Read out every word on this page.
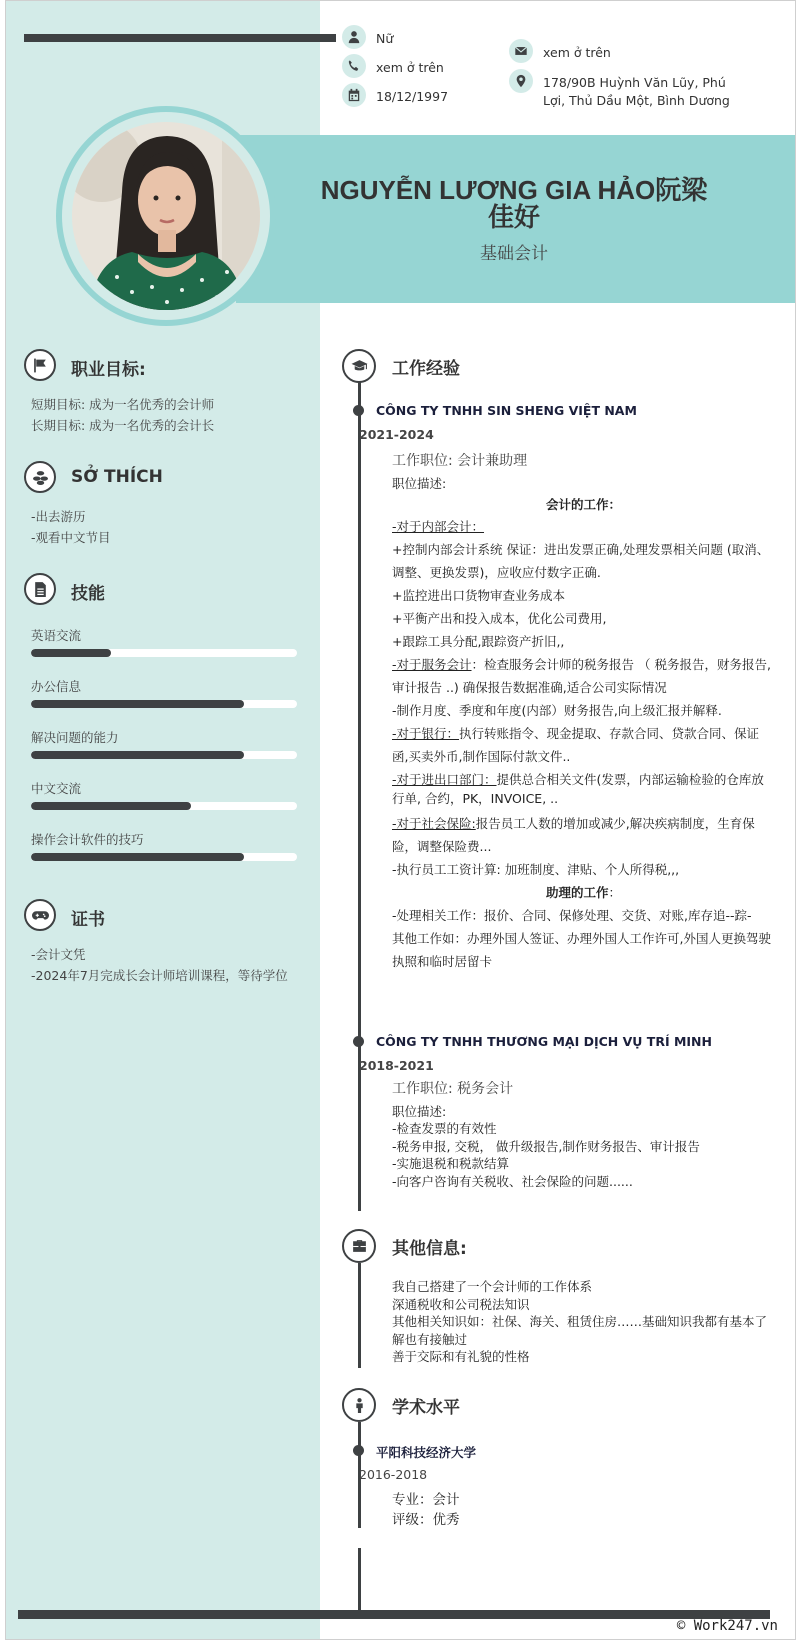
Nữ
xem ở trên
18/12/1997
xem ở trên
178/90B Huỳnh Văn Lũy, Phú
Lợi, Thủ Dầu Một, Bình Dương
NGUYỄN LƯƠNG GIA HẢO阮梁
佳好
基础会计
职业目标:
短期目标: 成为一名优秀的会计师
长期目标: 成为一名优秀的会计长
SỞ THÍCH
-出去游历
-观看中文节目
技能
英语交流
办公信息
解决问题的能力
中文交流
操作会计软件的技巧
证书
-会计文凭
-2024年7月完成长会计师培训课程，等待学位
工作经验
CÔNG TY TNHH SIN SHENG VIỆT NAM
2021-2024
工作职位: 会计兼助理
职位描述:
会计的工作：
-对于内部会计：
+控制内部会计系统 保证：进出发票正确,处理发票相关问题 (取消、调整、更换发票)，应收应付数字正确.
+监控进出口货物审查业务成本
+平衡产出和投入成本，优化公司费用,
+跟踪工具分配,跟踪资产折旧,,
-对于服务会计：检查服务会计师的税务报告 （ 税务报告，财务报告,审计报告 ..) 确保报告数据准确,适合公司实际情况
-制作月度、季度和年度(内部）财务报告,向上级汇报并解释.
-对于银行：执行转账指令、现金提取、存款合同、贷款合同、保证函,买卖外币,制作国际付款文件..
-对于进出口部门：提供总合相关文件(发票，内部运输检验的仓库放行单, 合约，PK，INVOICE, ..
-对于社会保险:报告员工人数的增加或减少,解决疾病制度，生育保险，调整保险费...
-执行员工工资计算: 加班制度、津贴、个人所得税,,,
助理的工作：
-处理相关工作：报价、合同、保修处理、交货、对账,库存追--踪-
其他工作如：办理外国人签证、办理外国人工作许可,外国人更换驾驶执照和临时居留卡
CÔNG TY TNHH THƯƠNG MẠI DỊCH VỤ TRÍ MINH
2018-2021
工作职位: 税务会计
职位描述:
-检查发票的有效性
-税务申报, 交税， 做升级报告,制作财务报告、审计报告
-实施退税和税款结算
-向客户咨询有关税收、社会保险的问题......
其他信息:
我自己搭建了一个会计师的工作体系
深通税收和公司税法知识
其他相关知识如：社保、海关、租赁住房……基础知识我都有基本了解也有接触过
善于交际和有礼貌的性格
学术水平
平阳科技经济大学
2016-2018
专业：会计
评级：优秀
© Work247.vn
